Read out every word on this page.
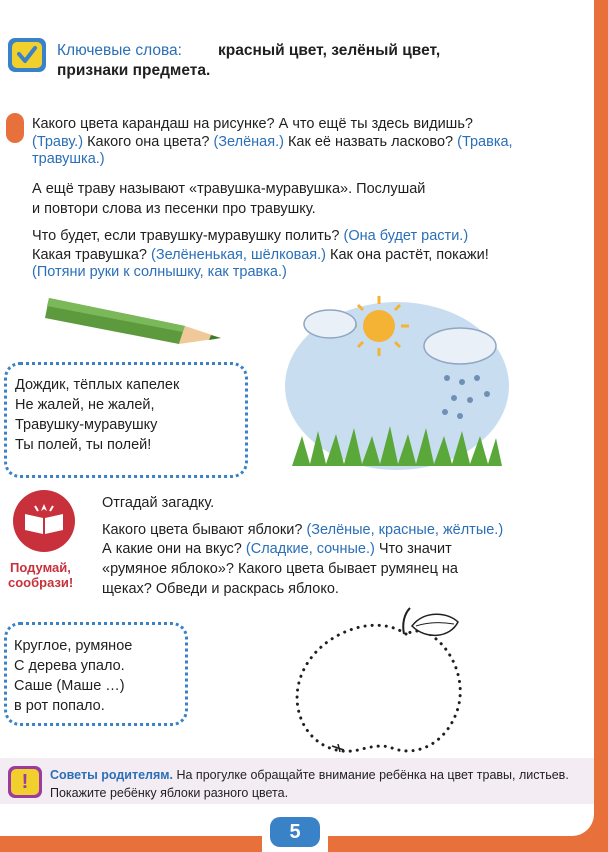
Ключевые слова: красный цвет, зелёный цвет,
признаки предмета.
Какого цвета карандаш на рисунке? А что ещё ты здесь видишь?
(Траву.) Какого она цвета? (Зелёная.) Как её назвать ласково? (Травка,
травушка.)
А ещё траву называют «травушка-муравушка». Послушай
и повтори слова из песенки про травушку.
Что будет, если травушку-муравушку полить? (Она будет расти.)
Какая травушка? (Зелёненькая, шёлковая.) Как она растёт, покажи!
(Потяни руки к солнышку, как травка.)
Дождик, тёплых капелек
Не жалей, не жалей,
Травушку-муравушку
Ты полей, ты полей!
Подумай,
сообрази!
Отгадай загадку.
Какого цвета бывают яблоки? (Зелёные, красные, жёлтые.)
А какие они на вкус? (Сладкие, сочные.) Что значит
«румяное яблоко»? Какого цвета бывает румянец на
щеках? Обведи и раскрась яблоко.
Круглое, румяное
С дерева упало.
Саше (Маше …)
в рот попало.
!	Советы родителям. На прогулке обращайте внимание ребёнка на цвет травы, листьев.
Покажите ребёнку яблоки разного цвета.
5
